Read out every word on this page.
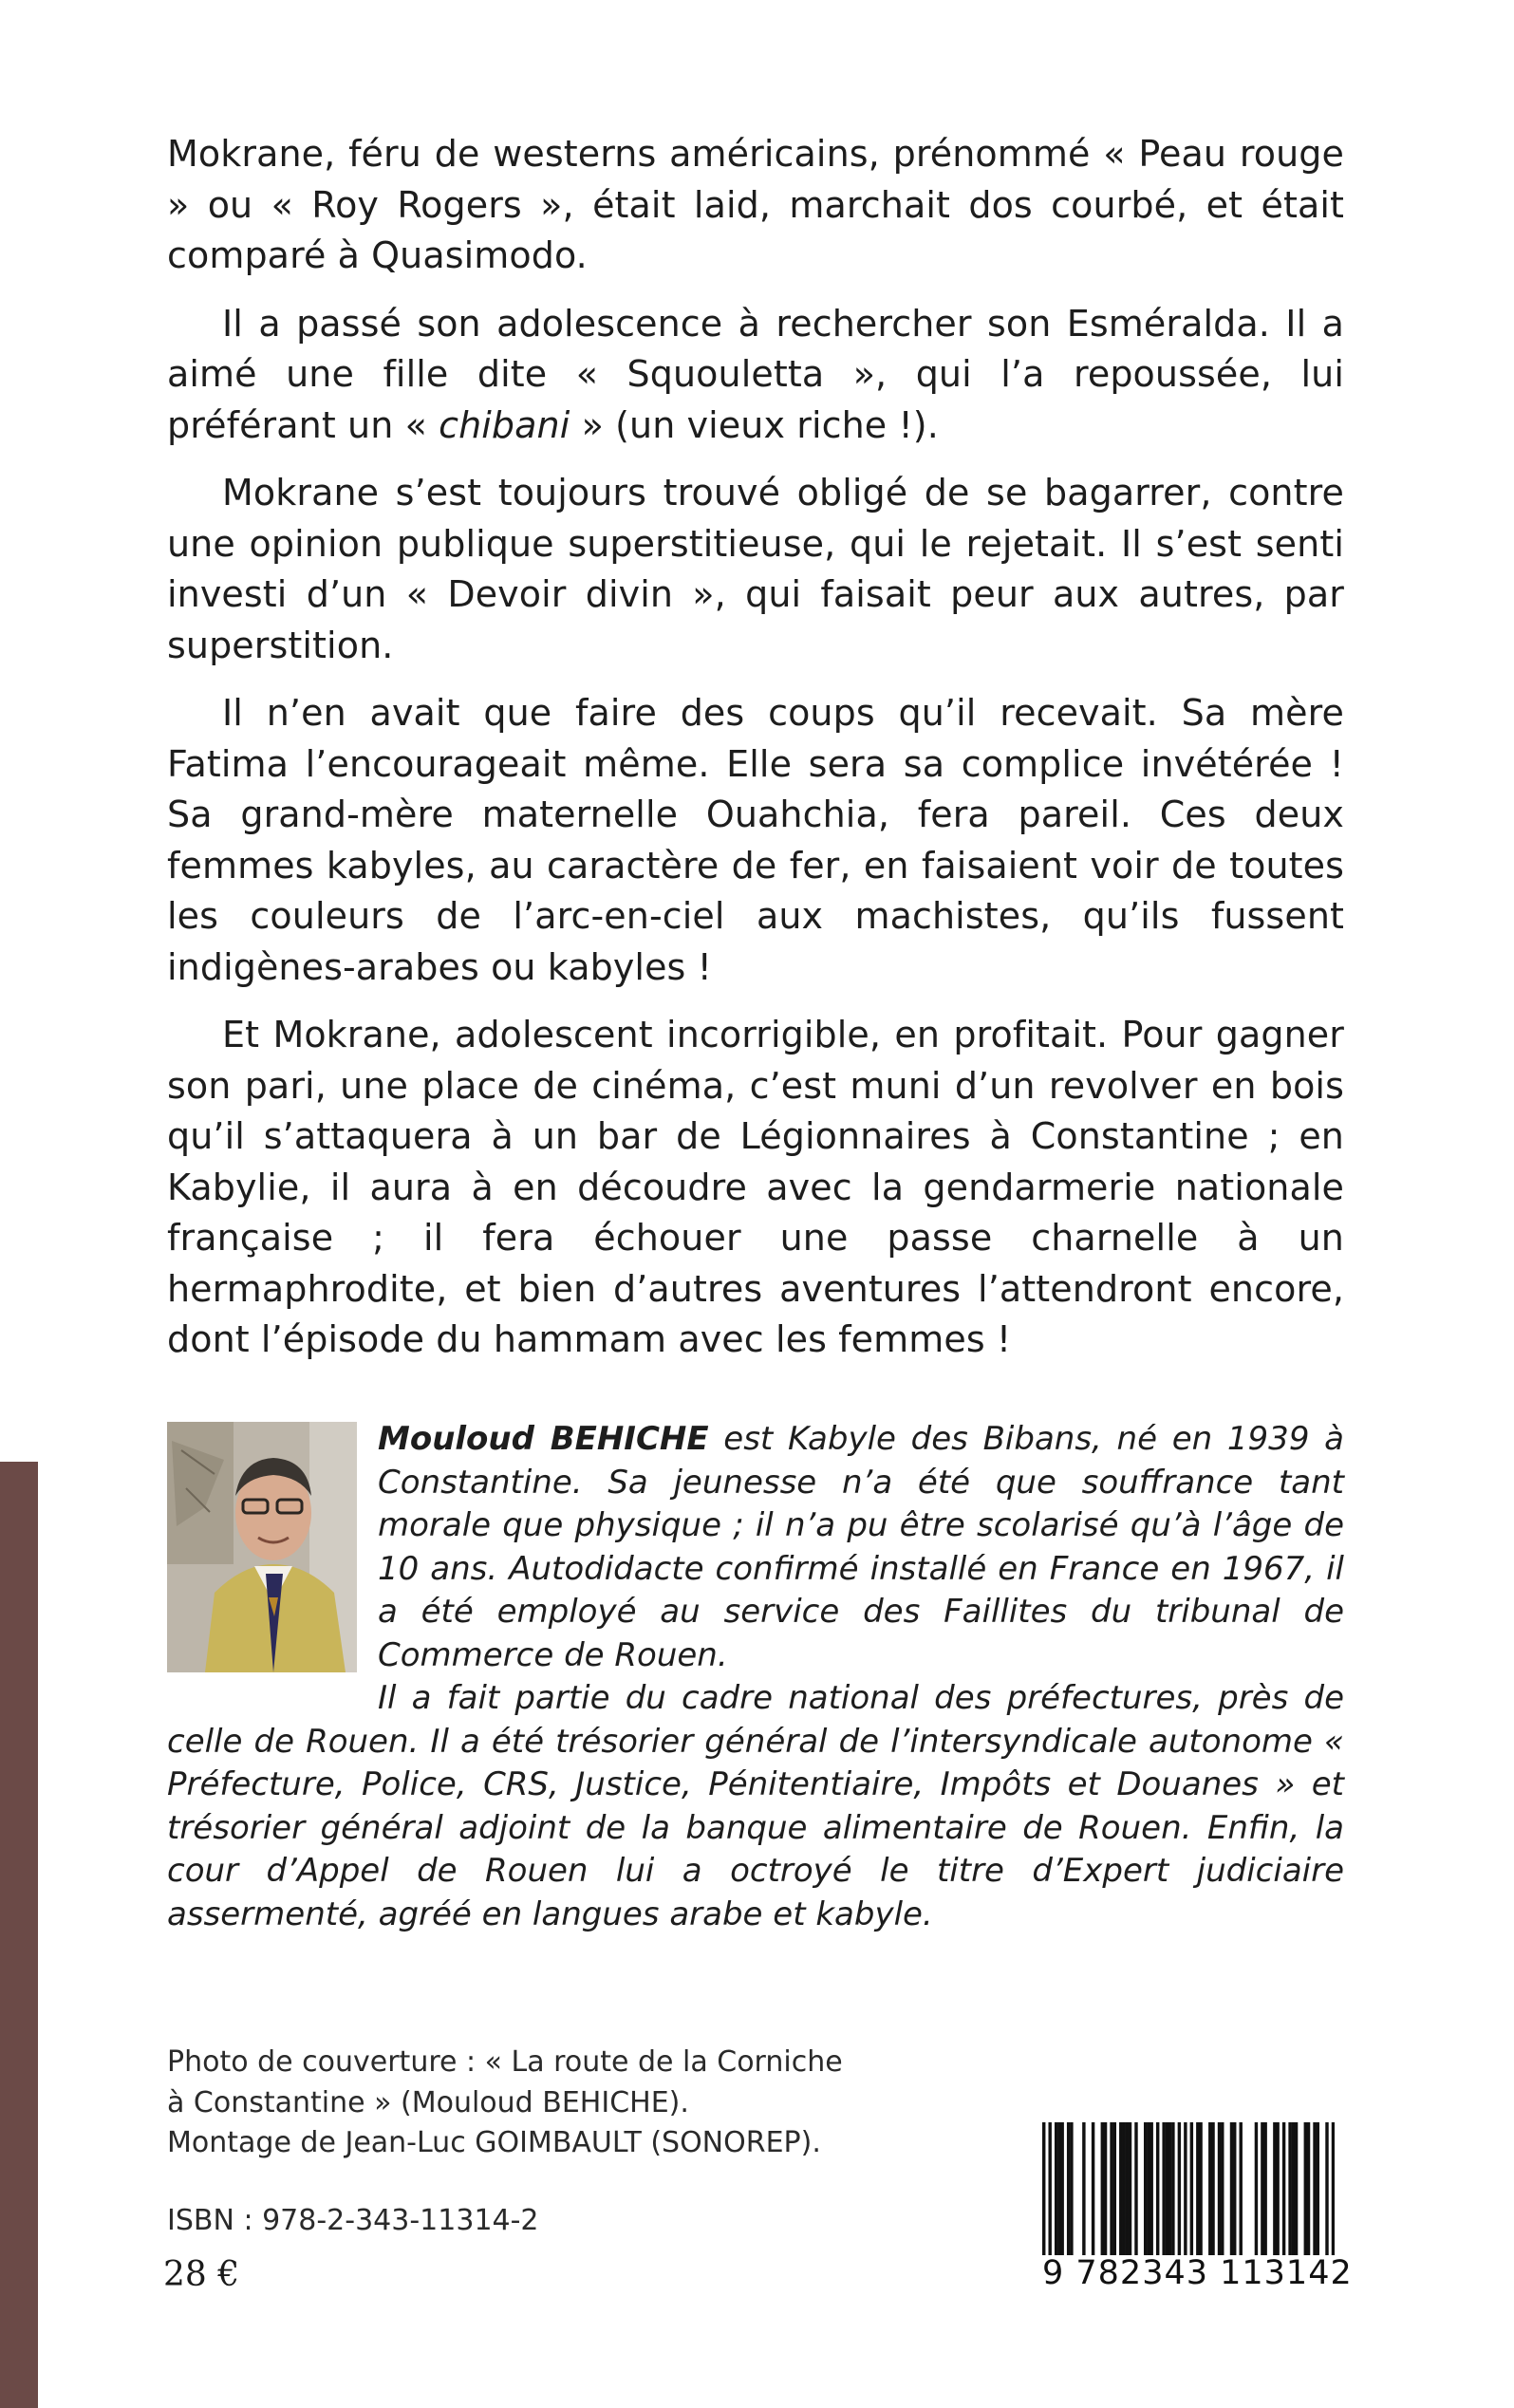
Mokrane, féru de westerns américains, prénommé « Peau rouge » ou « Roy Rogers », était laid, marchait dos courbé, et était comparé à Quasimodo.

Il a passé son adolescence à rechercher son Esméralda. Il a aimé une fille dite « Squouletta », qui l’a repoussée, lui préférant un « chibani » (un vieux riche !).

Mokrane s’est toujours trouvé obligé de se bagarrer, contre une opinion publique superstitieuse, qui le rejetait. Il s’est senti investi d’un « Devoir divin », qui faisait peur aux autres, par superstition.

Il n’en avait que faire des coups qu’il recevait. Sa mère Fatima l’encourageait même. Elle sera sa complice invétérée ! Sa grand-mère maternelle Ouahchia, fera pareil. Ces deux femmes kabyles, au caractère de fer, en faisaient voir de toutes les couleurs de l’arc-en-ciel aux machistes, qu’ils fussent indigènes-arabes ou kabyles !

Et Mokrane, adolescent incorrigible, en profitait. Pour gagner son pari, une place de cinéma, c’est muni d’un revolver en bois qu’il s’attaquera à un bar de Légionnaires à Constantine ; en Kabylie, il aura à en découdre avec la gendarmerie nationale française ; il fera échouer une passe charnelle à un hermaphrodite, et bien d’autres aventures l’attendront encore, dont l’épisode du hammam avec les femmes !

Mouloud BEHICHE est Kabyle des Bibans, né en 1939 à Constantine. Sa jeunesse n’a été que souffrance tant morale que physique ; il n’a pu être scolarisé qu’à l’âge de 10 ans. Autodidacte confirmé installé en France en 1967, il a été employé au service des Faillites du tribunal de Commerce de Rouen.

Il a fait partie du cadre national des préfectures, près de celle de Rouen. Il a été trésorier général de l’intersyndicale autonome « Préfecture, Police, CRS, Justice, Pénitentiaire, Impôts et Douanes » et trésorier général adjoint de la banque alimentaire de Rouen. Enfin, la cour d’Appel de Rouen lui a octroyé le titre d’Expert judiciaire assermenté, agréé en langues arabe et kabyle.

Photo de couverture : « La route de la Corniche
à Constantine » (Mouloud BEHICHE).
Montage de Jean-Luc GOIMBAULT (SONOREP).
ISBN : 978-2-343-11314-2
28 €	9 782343 113142
